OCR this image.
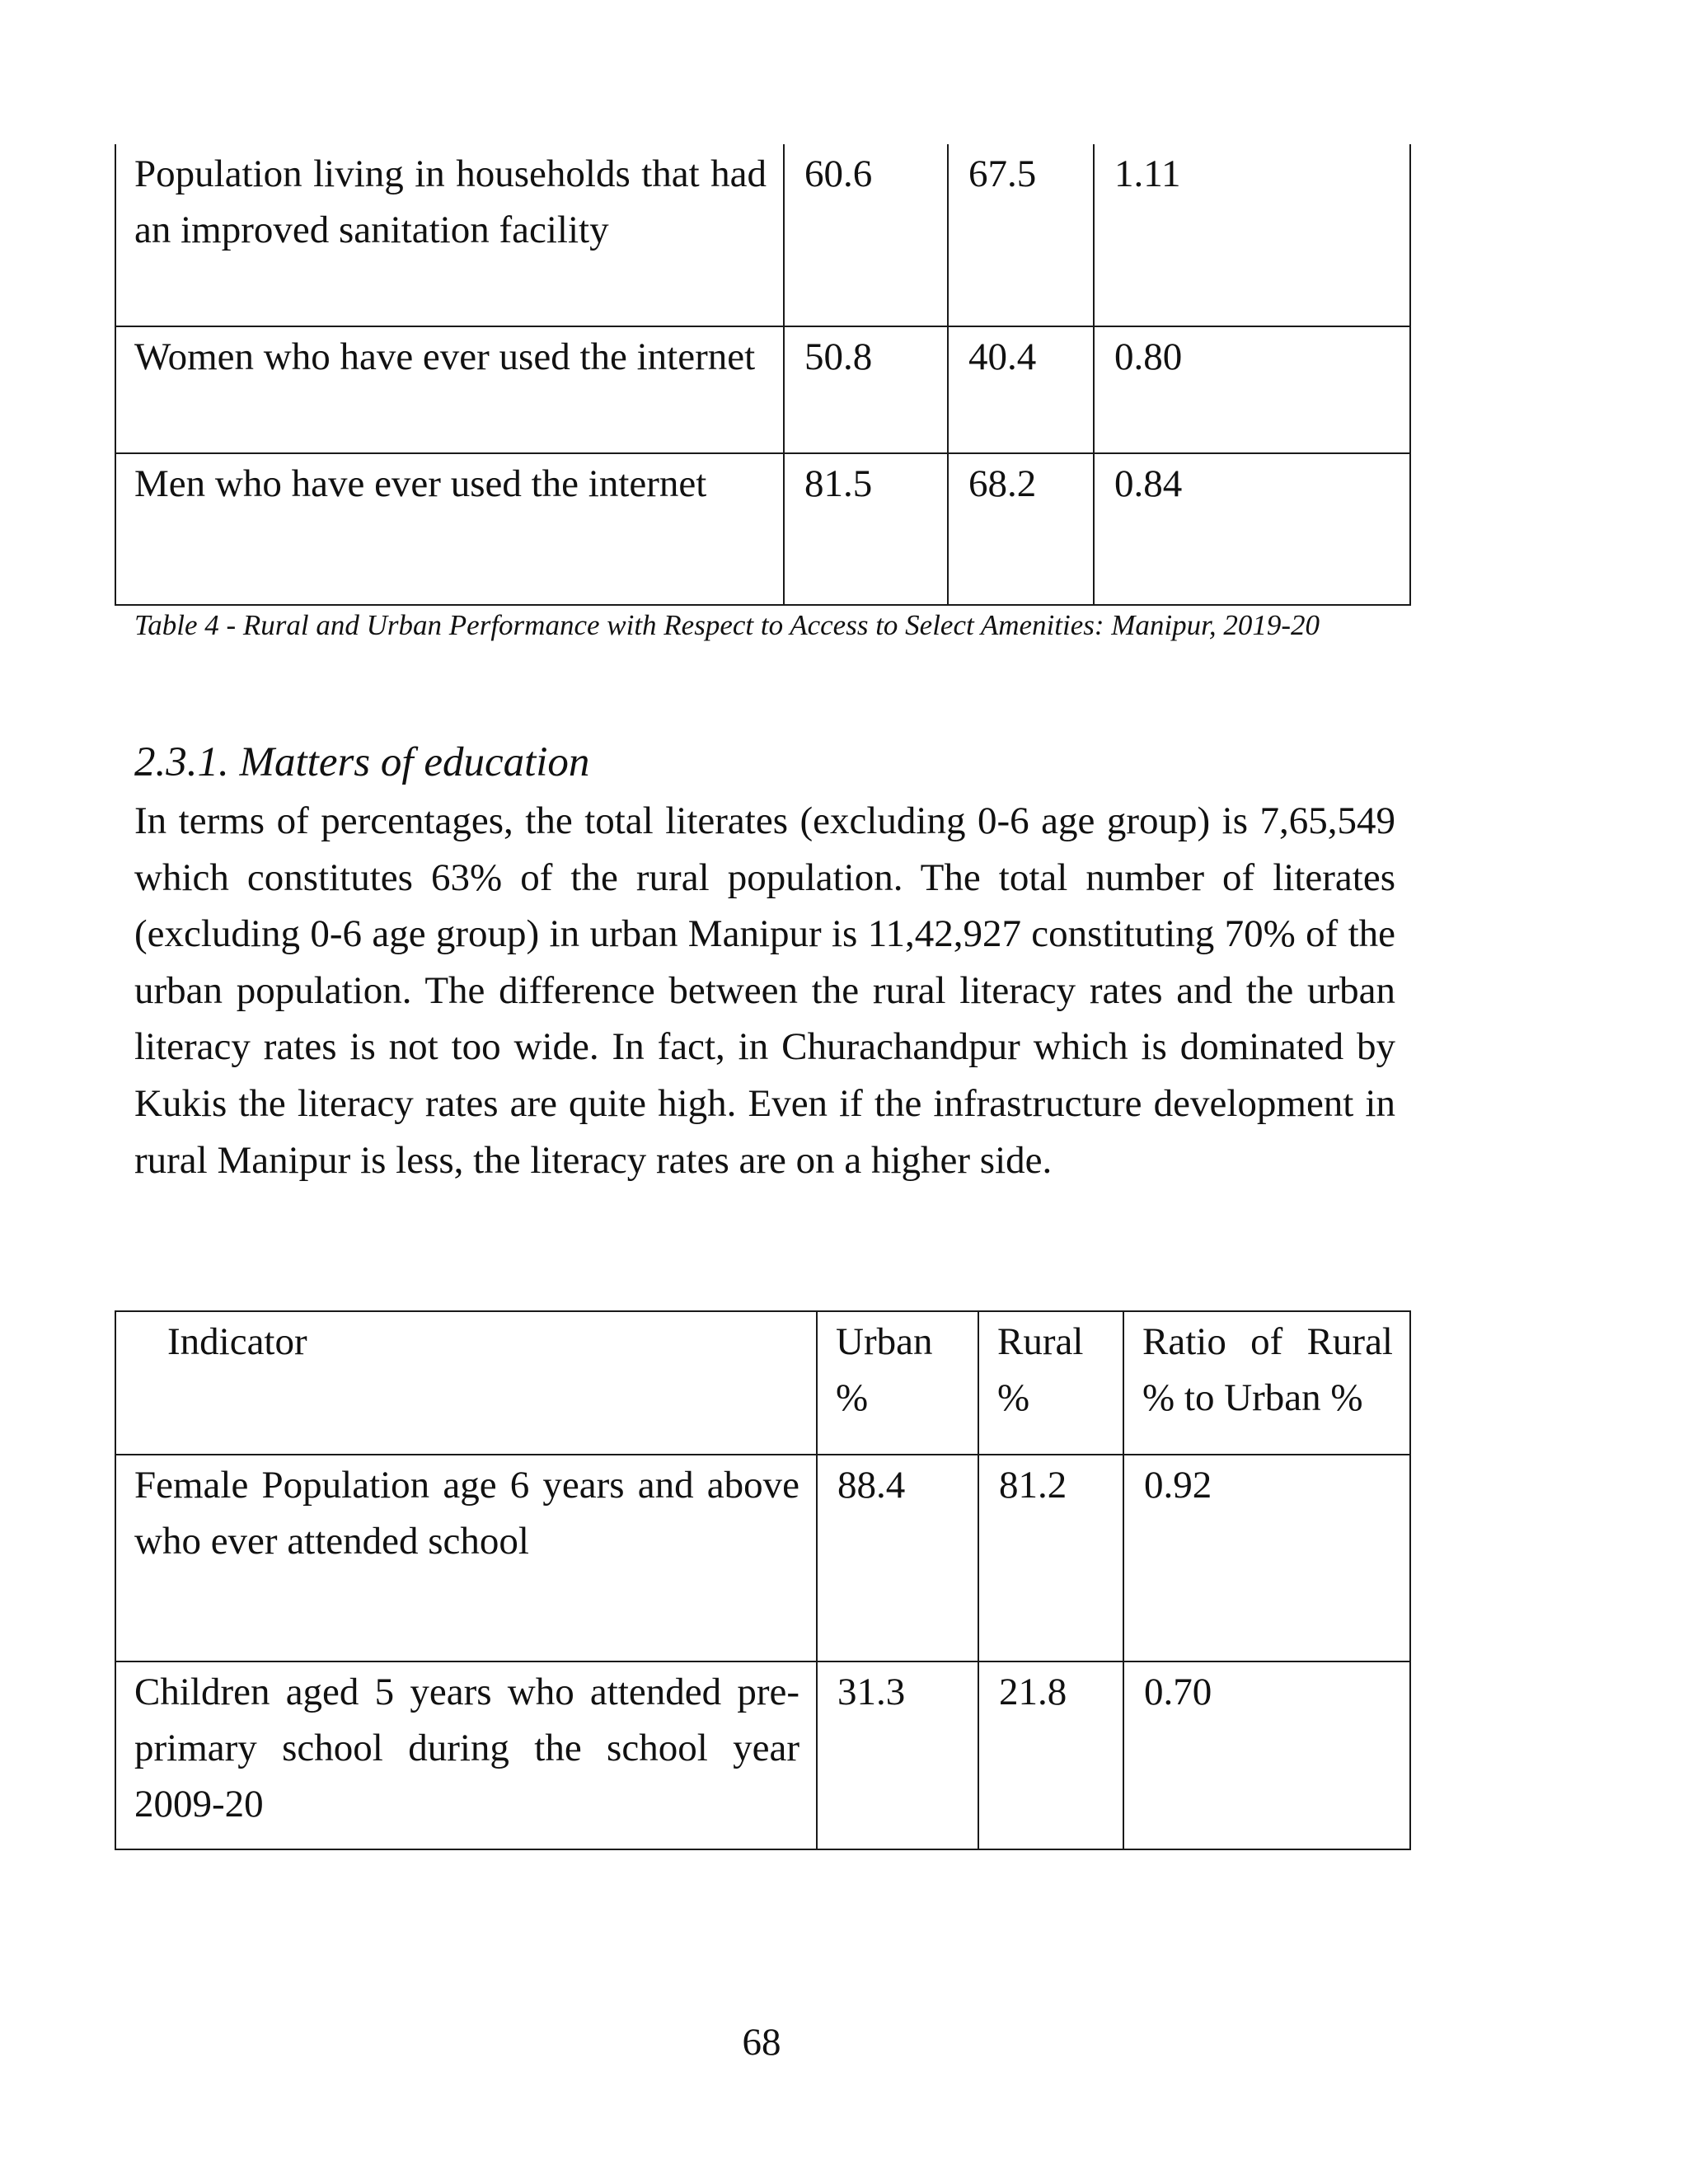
Population living in households that had an improved sanitation facility	60.6	67.5	1.11
Women who have ever used the internet	50.8	40.4	0.80
Men who have ever used the internet	81.5	68.2	0.84
Table 4 - Rural and Urban Performance with Respect to Access to Select Amenities: Manipur, 2019-20
2.3.1. Matters of education

In terms of percentages, the total literates (excluding 0-6 age group) is 7,65,549 which constitutes 63% of the rural population. The total number of literates (excluding 0-6 age group) in urban Manipur is 11,42,927 constituting 70% of the urban population. The difference between the rural literacy rates and the urban literacy rates is not too wide. In fact, in Churachandpur which is dominated by Kukis the literacy rates are quite high. Even if the infrastructure development in rural Manipur is less, the literacy rates are on a higher side.

Indicator	Urban %	Rural %	Ratio of Rural % to Urban %
Female Population age 6 years and above who ever attended school	88.4	81.2	0.92
Children aged 5 years who attended pre-primary school during the school year 2009-20	31.3	21.8	0.70
68
